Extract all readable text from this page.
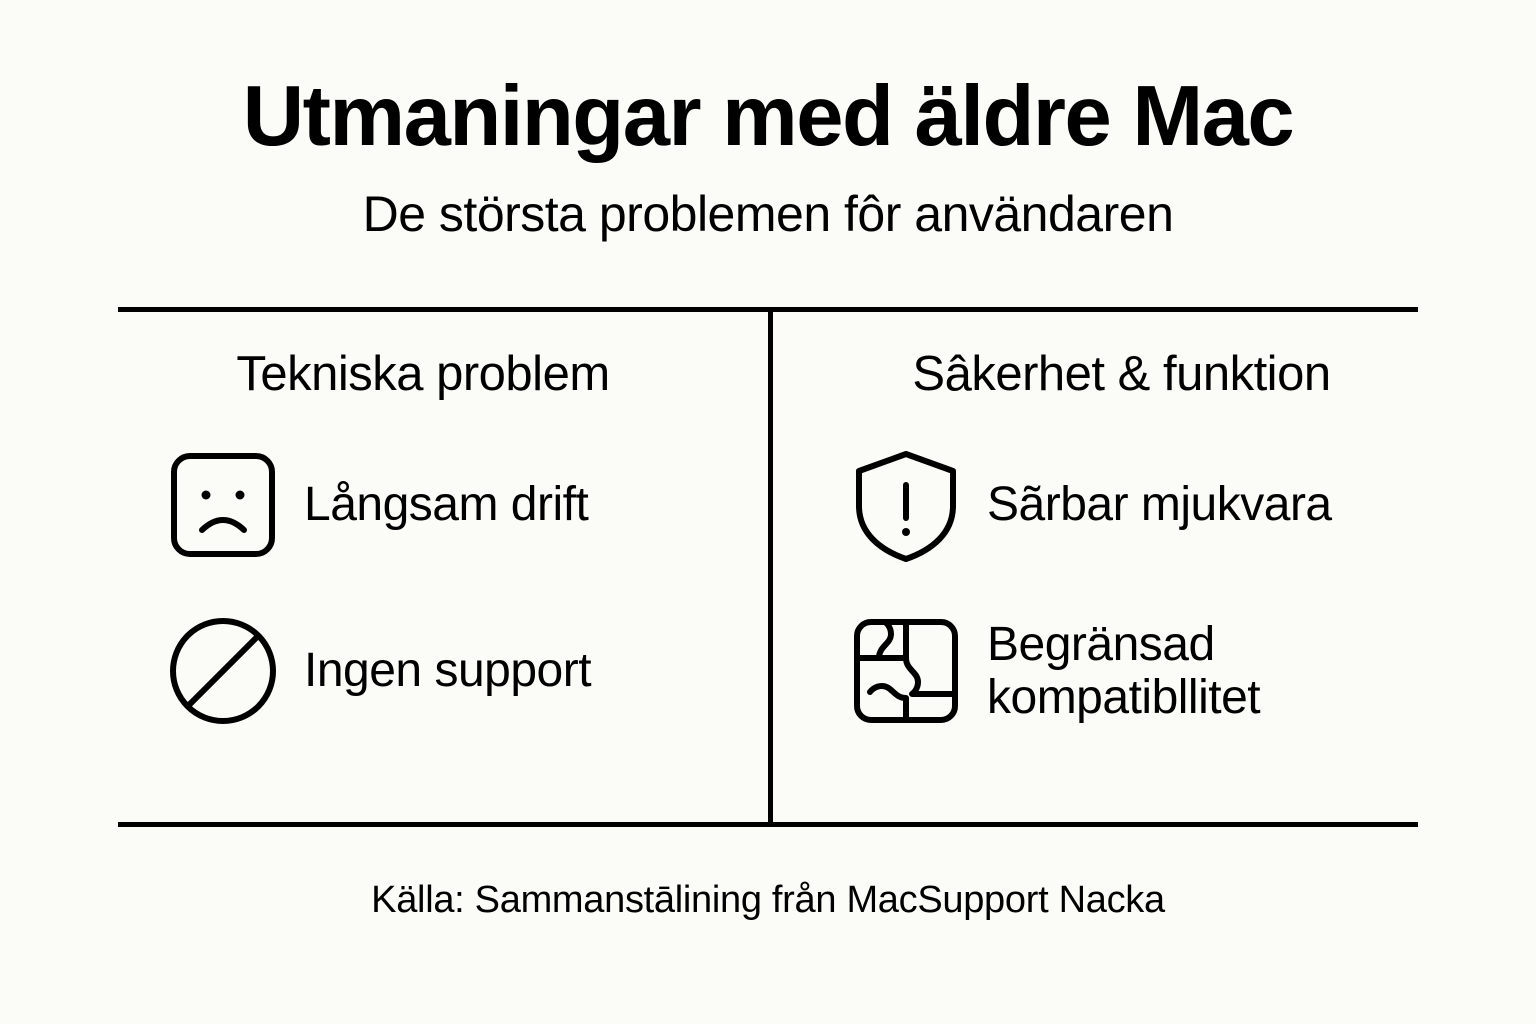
Utmaningar med äldre Mac
De största problemen fôr användaren
Tekniska problem
Långsam drift
Ingen support
Sâkerhet & funktion
Sãrbar mjukvara
Begränsad kompatibllitet
Källa: Sammanstālining från MacSupport Nacka
